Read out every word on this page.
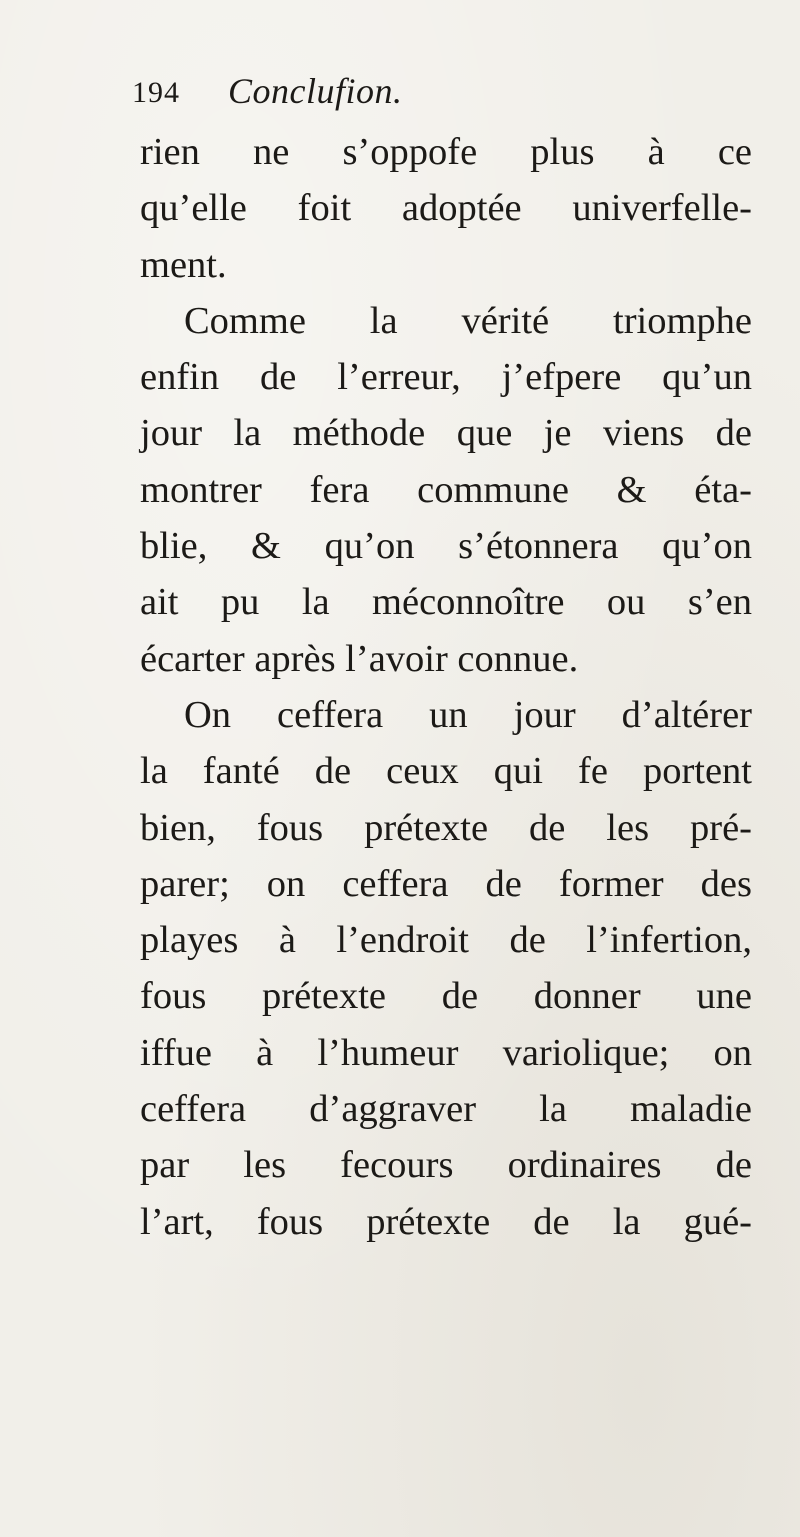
194 Conclufion.
rien ne s’oppofe plus à ce
qu’elle foit adoptée univerfelle-
ment.
Comme la vérité triomphe
enfin de l’erreur, j’efpere qu’un
jour la méthode que je viens de
montrer fera commune & éta-
blie, & qu’on s’étonnera qu’on
ait pu la méconnoître ou s’en
écarter après l’avoir connue.
On ceffera un jour d’altérer
la fanté de ceux qui fe portent
bien, fous prétexte de les pré-
parer; on ceffera de former des
playes à l’endroit de l’infertion,
fous prétexte de donner une
iffue à l’humeur variolique; on
ceffera d’aggraver la maladie
par les fecours ordinaires de
l’art, fous prétexte de la gué-
